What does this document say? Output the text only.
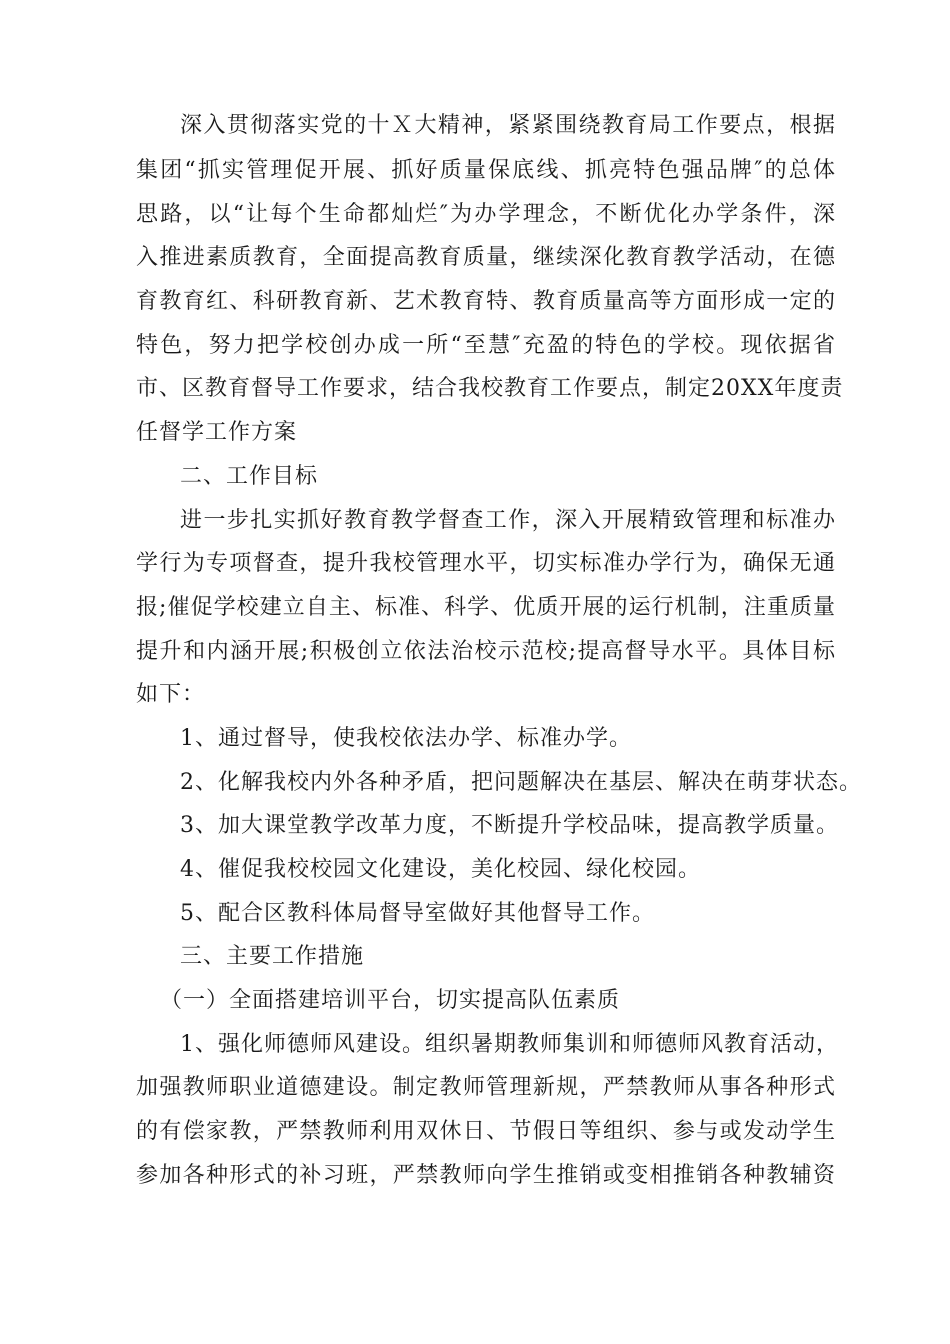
深入贯彻落实党的十Ｘ大精神，紧紧围绕教育局工作要点，根据
集团“抓实管理促开展、抓好质量保底线、抓亮特色强品牌″的总体
思路，以“让每个生命都灿烂″为办学理念，不断优化办学条件，深
入推进素质教育，全面提高教育质量，继续深化教育教学活动，在德
育教育红、科研教育新、艺术教育特、教育质量高等方面形成一定的
特色，努力把学校创办成一所“至慧″充盈的特色的学校。现依据省
市、区教育督导工作要求，结合我校教育工作要点，制定20XX年度责
任督学工作方案
二、工作目标
进一步扎实抓好教育教学督查工作，深入开展精致管理和标准办
学行为专项督查，提升我校管理水平，切实标准办学行为，确保无通
报;催促学校建立自主、标准、科学、优质开展的运行机制，注重质量
提升和内涵开展;积极创立依法治校示范校;提高督导水平。具体目标
如下：
1、通过督导，使我校依法办学、标准办学。
2、化解我校内外各种矛盾，把问题解决在基层、解决在萌芽状态。
3、加大课堂教学改革力度，不断提升学校品味，提高教学质量。
4、催促我校校园文化建设，美化校园、绿化校园。
5、配合区教科体局督导室做好其他督导工作。
三、主要工作措施
（一）全面搭建培训平台，切实提高队伍素质
1、强化师德师风建设。组织暑期教师集训和师德师风教育活动，
加强教师职业道德建设。制定教师管理新规，严禁教师从事各种形式
的有偿家教，严禁教师利用双休日、节假日等组织、参与或发动学生
参加各种形式的补习班，严禁教师向学生推销或变相推销各种教辅资
